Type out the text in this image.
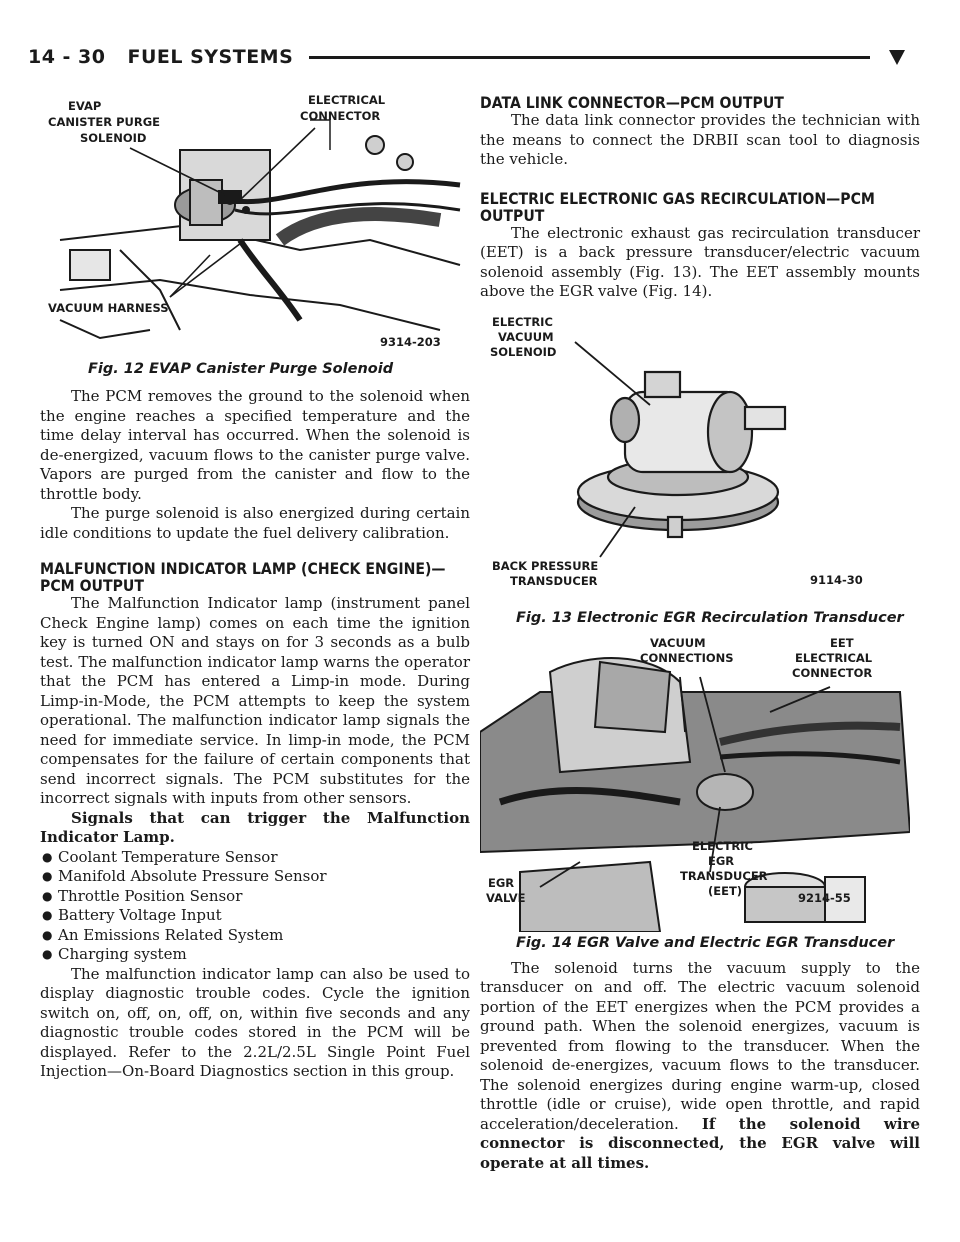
14 - 30 FUEL SYSTEMS
EVAP
CANISTER PURGE
SOLENOID
ELECTRICAL
CONNECTOR
VACUUM HARNESS
9314-203
Fig. 12 EVAP Canister Purge Solenoid

The PCM removes the ground to the solenoid when the engine reaches a specified temperature and the time delay interval has occurred. When the solenoid is de-energized, vacuum flows to the canister purge valve. Vapors are purged from the canister and flow to the throttle body.

The purge solenoid is also energized during certain idle conditions to update the fuel delivery calibration.

MALFUNCTION INDICATOR LAMP (CHECK ENGINE)—PCM OUTPUT

The Malfunction Indicator lamp (instrument panel Check Engine lamp) comes on each time the ignition key is turned ON and stays on for 3 seconds as a bulb test. The malfunction indicator lamp warns the operator that the PCM has entered a Limp-in mode. During Limp-in-Mode, the PCM attempts to keep the system operational. The malfunction indicator lamp signals the need for immediate service. In limp-in mode, the PCM compensates for the failure of certain components that send incorrect signals. The PCM substitutes for the incorrect signals with inputs from other sensors.

Signals that can trigger the Malfunction Indicator Lamp.

● Coolant Temperature Sensor
● Manifold Absolute Pressure Sensor
● Throttle Position Sensor
● Battery Voltage Input
● An Emissions Related System
● Charging system

The malfunction indicator lamp can also be used to display diagnostic trouble codes. Cycle the ignition switch on, off, on, off, on, within five seconds and any diagnostic trouble codes stored in the PCM will be displayed. Refer to the 2.2L/2.5L Single Point Fuel Injection—On-Board Diagnostics section in this group.

DATA LINK CONNECTOR—PCM OUTPUT

The data link connector provides the technician with the means to connect the DRBII scan tool to diagnosis the vehicle.

ELECTRIC ELECTRONIC GAS RECIRCULATION—PCM OUTPUT

The electronic exhaust gas recirculation transducer (EET) is a back pressure transducer/electric vacuum solenoid assembly (Fig. 13). The EET assembly mounts above the EGR valve (Fig. 14).

ELECTRIC
VACUUM
SOLENOID
BACK PRESSURE
TRANSDUCER	9114-30
Fig. 13 Electronic EGR Recirculation Transducer
VACUUM
CONNECTIONS
EET
ELECTRICAL
CONNECTOR
EGR
VALVE
ELECTRIC
EGR
TRANSDUCER
(EET)	9214-55
Fig. 14 EGR Valve and Electric EGR Transducer

The solenoid turns the vacuum supply to the transducer on and off. The electric vacuum solenoid portion of the EET energizes when the PCM provides a ground path. When the solenoid energizes, vacuum is prevented from flowing to the transducer. When the solenoid de-energizes, vacuum flows to the transducer. The solenoid energizes during engine warm-up, closed throttle (idle or cruise), wide open throttle, and rapid acceleration/deceleration. If the solenoid wire connector is disconnected, the EGR valve will operate at all times.
